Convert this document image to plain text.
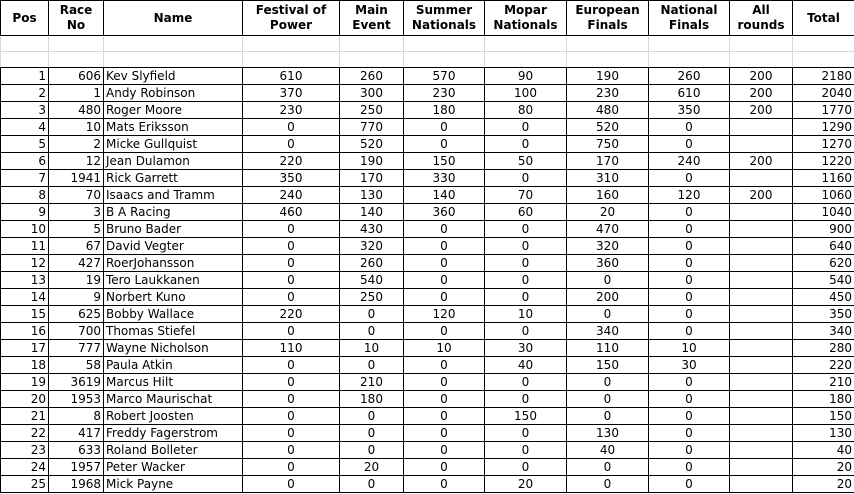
Pos	Race No	Name	Festival of Power	Main Event	Summer Nationals	Mopar Nationals	European Finals	National Finals	All rounds	Total

1	606	Kev Slyfield	610	260	570	90	190	260	200	2180
2	1	Andy Robinson	370	300	230	100	230	610	200	2040
3	480	Roger Moore	230	250	180	80	480	350	200	1770
4	10	Mats Eriksson	0	770	0	0	520	0		1290
5	2	Micke Gullquist	0	520	0	0	750	0		1270
6	12	Jean Dulamon	220	190	150	50	170	240	200	1220
7	1941	Rick Garrett	350	170	330	0	310	0		1160
8	70	Isaacs and Tramm	240	130	140	70	160	120	200	1060
9	3	B A Racing	460	140	360	60	20	0		1040
10	5	Bruno Bader	0	430	0	0	470	0		900
11	67	David Vegter	0	320	0	0	320	0		640
12	427	RoerJohansson	0	260	0	0	360	0		620
13	19	Tero Laukkanen	0	540	0	0	0	0		540
14	9	Norbert Kuno	0	250	0	0	200	0		450
15	625	Bobby Wallace	220	0	120	10	0	0		350
16	700	Thomas Stiefel	0	0	0	0	340	0		340
17	777	Wayne Nicholson	110	10	10	30	110	10		280
18	58	Paula Atkin	0	0	0	40	150	30		220
19	3619	Marcus Hilt	0	210	0	0	0	0		210
20	1953	Marco Maurischat	0	180	0	0	0	0		180
21	8	Robert Joosten	0	0	0	150	0	0		150
22	417	Freddy Fagerstrom	0	0	0	0	130	0		130
23	633	Roland Bolleter	0	0	0	0	40	0		40
24	1957	Peter Wacker	0	20	0	0	0	0		20
25	1968	Mick Payne	0	0	0	20	0	0		20
